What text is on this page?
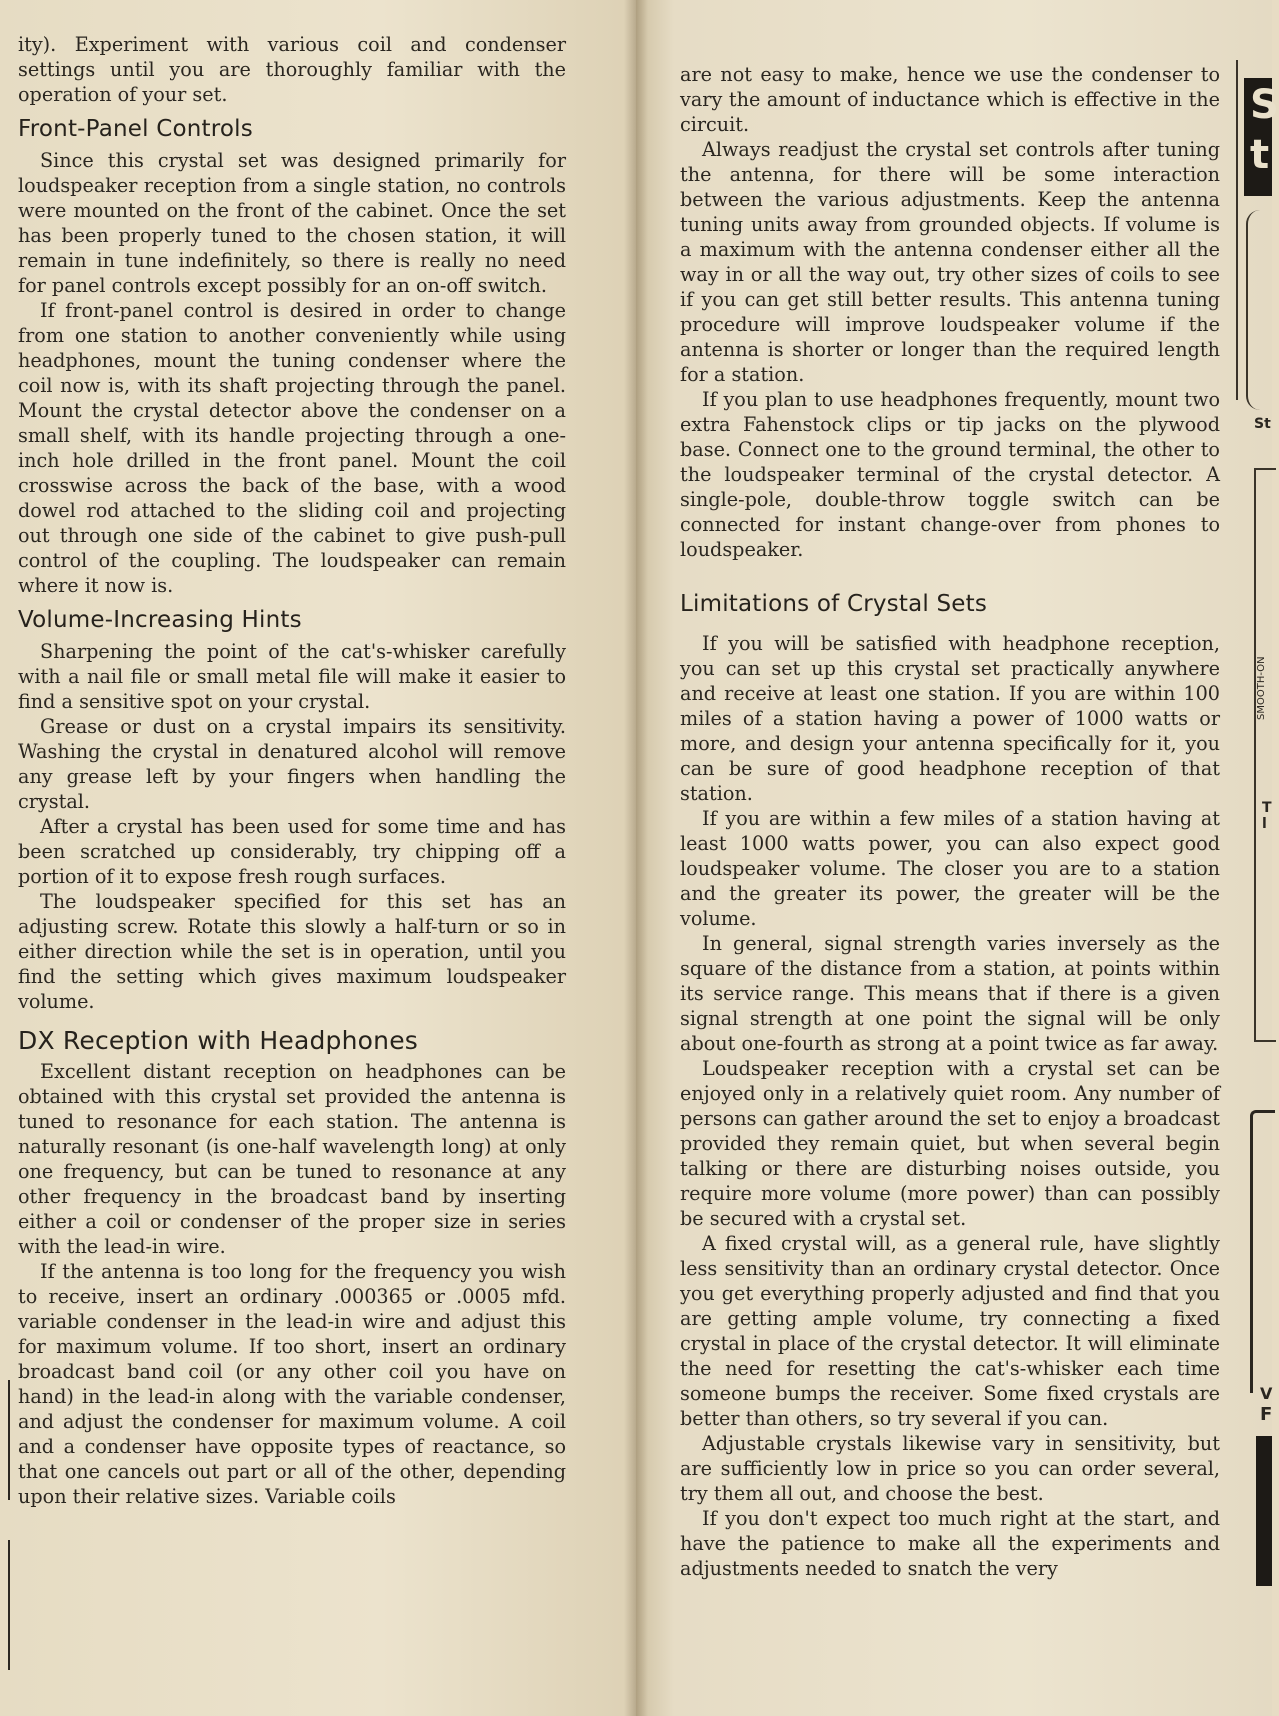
ity). Experiment with various coil and condenser settings until you are thoroughly familiar with the operation of your set.

Front-Panel Controls

Since this crystal set was designed primarily for loudspeaker reception from a single station, no controls were mounted on the front of the cabinet. Once the set has been properly tuned to the chosen station, it will remain in tune indefinitely, so there is really no need for panel controls except possibly for an on-off switch.

If front-panel control is desired in order to change from one station to another conveniently while using headphones, mount the tuning condenser where the coil now is, with its shaft projecting through the panel. Mount the crystal detector above the condenser on a small shelf, with its handle projecting through a one-inch hole drilled in the front panel. Mount the coil crosswise across the back of the base, with a wood dowel rod attached to the sliding coil and projecting out through one side of the cabinet to give push-pull control of the coupling. The loudspeaker can remain where it now is.

Volume-Increasing Hints

Sharpening the point of the cat's-whisker carefully with a nail file or small metal file will make it easier to find a sensitive spot on your crystal.

Grease or dust on a crystal impairs its sensitivity. Washing the crystal in denatured alcohol will remove any grease left by your fingers when handling the crystal.

After a crystal has been used for some time and has been scratched up considerably, try chipping off a portion of it to expose fresh rough surfaces.

The loudspeaker specified for this set has an adjusting screw. Rotate this slowly a half-turn or so in either direction while the set is in operation, until you find the setting which gives maximum loudspeaker volume.

DX Reception with Headphones

Excellent distant reception on headphones can be obtained with this crystal set provided the antenna is tuned to resonance for each station. The antenna is naturally resonant (is one-half wavelength long) at only one frequency, but can be tuned to resonance at any other frequency in the broadcast band by inserting either a coil or condenser of the proper size in series with the lead-in wire.

If the antenna is too long for the frequency you wish to receive, insert an ordinary .000365 or .0005 mfd. variable condenser in the lead-in wire and adjust this for maximum volume. If too short, insert an ordinary broadcast band coil (or any other coil you have on hand) in the lead-in along with the variable condenser, and adjust the condenser for maximum volume. A coil and a condenser have opposite types of reactance, so that one cancels out part or all of the other, depending upon their relative sizes. Variable coils

are not easy to make, hence we use the condenser to vary the amount of inductance which is effective in the circuit.

Always readjust the crystal set controls after tuning the antenna, for there will be some interaction between the various adjustments. Keep the antenna tuning units away from grounded objects. If volume is a maximum with the antenna condenser either all the way in or all the way out, try other sizes of coils to see if you can get still better results. This antenna tuning procedure will improve loudspeaker volume if the antenna is shorter or longer than the required length for a station.

If you plan to use headphones frequently, mount two extra Fahenstock clips or tip jacks on the plywood base. Connect one to the ground terminal, the other to the loudspeaker terminal of the crystal detector. A single-pole, double-throw toggle switch can be connected for instant change-over from phones to loudspeaker.

Limitations of Crystal Sets

If you will be satisfied with headphone reception, you can set up this crystal set practically anywhere and receive at least one station. If you are within 100 miles of a station having a power of 1000 watts or more, and design your antenna specifically for it, you can be sure of good headphone reception of that station.

If you are within a few miles of a station having at least 1000 watts power, you can also expect good loudspeaker volume. The closer you are to a station and the greater its power, the greater will be the volume.

In general, signal strength varies inversely as the square of the distance from a station, at points within its service range. This means that if there is a given signal strength at one point the signal will be only about one-fourth as strong at a point twice as far away.

Loudspeaker reception with a crystal set can be enjoyed only in a relatively quiet room. Any number of persons can gather around the set to enjoy a broadcast provided they remain quiet, but when several begin talking or there are disturbing noises outside, you require more volume (more power) than can possibly be secured with a crystal set.

A fixed crystal will, as a general rule, have slightly less sensitivity than an ordinary crystal detector. Once you get everything properly adjusted and find that you are getting ample volume, try connecting a fixed crystal in place of the crystal detector. It will eliminate the need for resetting the cat's-whisker each time someone bumps the receiver. Some fixed crystals are better than others, so try several if you can.

Adjustable crystals likewise vary in sensitivity, but are sufficiently low in price so you can order several, try them all out, and choose the best.

If you don't expect too much right at the start, and have the patience to make all the experiments and adjustments needed to snatch the very

S t
St
SMOOTH-ON
T
l
V
F
